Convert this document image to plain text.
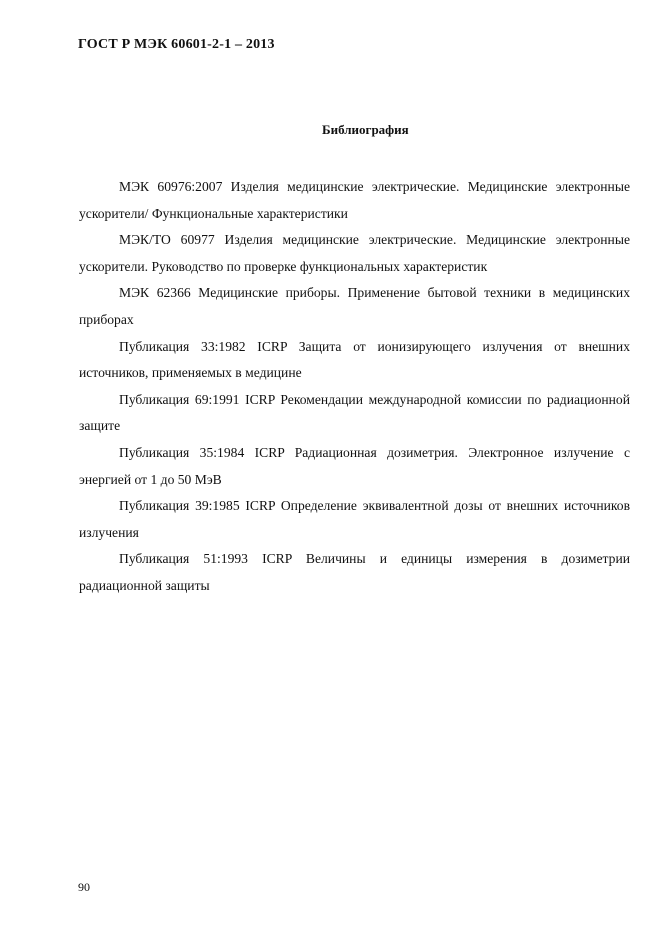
ГОСТ Р МЭК 60601-2-1 – 2013
Библиография

МЭК 60976:2007 Изделия медицинские электрические. Медицинские электронные ускорители/ Функциональные характеристики

МЭК/ТО 60977 Изделия медицинские электрические. Медицинские электронные ускорители. Руководство по проверке функциональных характеристик

МЭК 62366 Медицинские приборы. Применение бытовой техники в медицинских приборах

Публикация 33:1982 ICRP Защита от ионизирующего излучения от внешних источников, применяемых в медицине

Публикация 69:1991 ICRP Рекомендации международной комиссии по радиационной защите

Публикация 35:1984 ICRP Радиационная дозиметрия. Электронное излучение с энергией от 1 до 50 МэВ

Публикация 39:1985 ICRP Определение эквивалентной дозы от внешних источников излучения

Публикация 51:1993 ICRP Величины и единицы измерения в дозиметрии радиационной защиты

90
